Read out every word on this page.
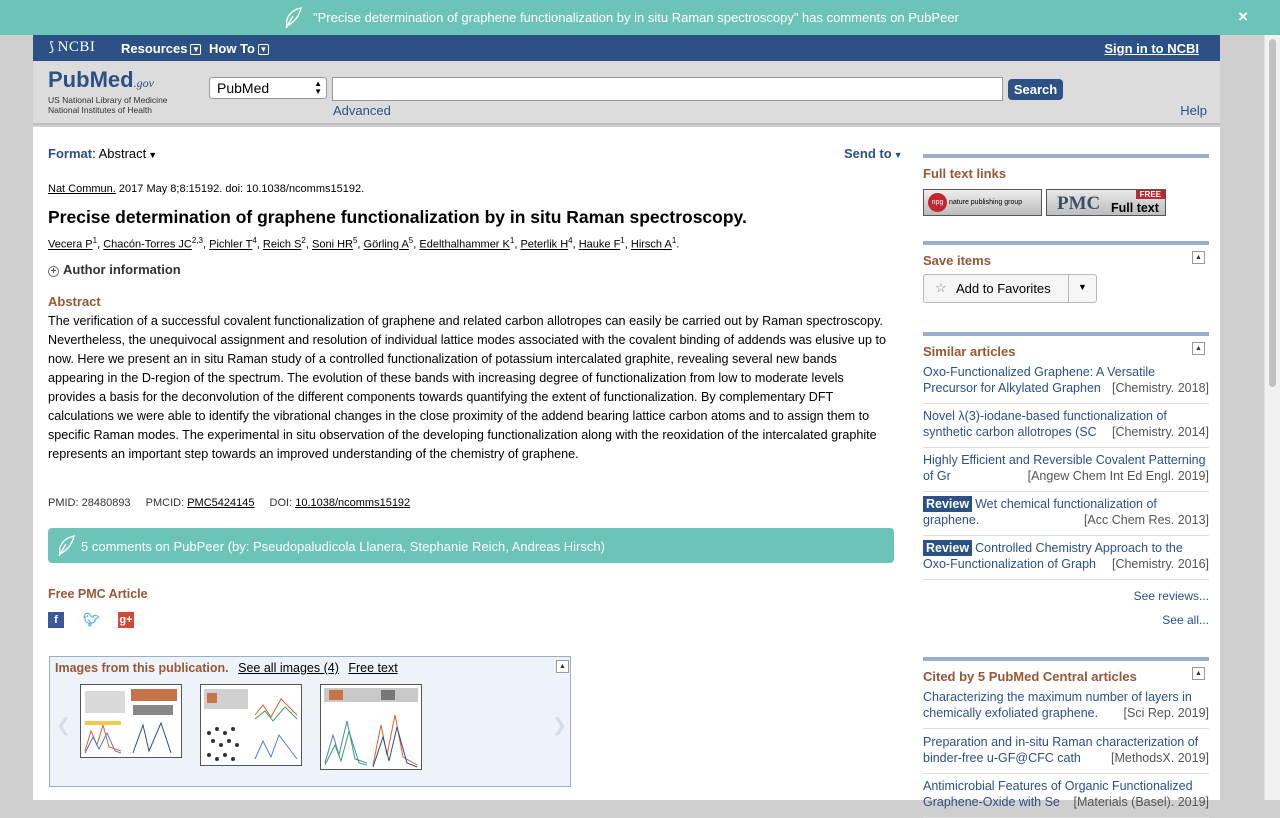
"Precise determination of graphene functionalization by in situ Raman spectroscopy" has comments on PubPeer	×
⟆ NCBI Resources ▼ How To ▼	Sign in to NCBI
PubMed.gov
US National Library of Medicine
National Institutes of Health
PubMed	▲
▼	Search
Advanced	Help
Format: Abstract ▼	Send to ▼
Nat Commun. 2017 May 8;8:15192. doi: 10.1038/ncomms15192.
Precise determination of graphene functionalization by in situ Raman spectroscopy.
Vecera $P^1$, Chacón-Torres JC$^{2,3}$, Pichler $T^4$, Reich $S^2$, Soni $HR^5$, Görling $A^5$, Edelthalhammer $K^1$, Peterlik $H^4$, Hauke $F^1$, Hirsch $A^1$.
+ Author information
Abstract

The verification of a successful covalent functionalization of graphene and related carbon allotropes can easily be carried out by Raman spectroscopy. Nevertheless, the unequivocal assignment and resolution of individual lattice modes associated with the covalent binding of addends was elusive up to now. Here we present an in situ Raman study of a controlled functionalization of potassium intercalated graphite, revealing several new bands appearing in the D-region of the spectrum. The evolution of these bands with increasing degree of functionalization from low to moderate levels provides a basis for the deconvolution of the different components towards quantifying the extent of functionalization. By complementary DFT calculations we were able to identify the vibrational changes in the close proximity of the addend bearing lattice carbon atoms and to assign them to specific Raman modes. The experimental in situ observation of the developing functionalization along with the reoxidation of the intercalated graphite represents an important step towards an improved understanding of the chemistry of graphene.

PMID: 28480893 PMCID: PMC5424145 DOI: 10.1038/ncomms15192
5 comments on PubPeer (by: Pseudopaludicola Llanera, Stephanie Reich, Andreas Hirsch)
Free PMC Article
f	🐦︎ g+
Images from this publication. See all images (4) Free text	▲
❮	❯
Full text links
npg nature publishing group	PMC	FREE
Full text
Save items	▲
☆ Add to Favorites	▼
Similar articles	▲
Oxo-Functionalized Graphene: A Versatile Precursor for Alkylated Graphen [Chemistry. 2018]
Novel λ(3)-iodane-based functionalization of synthetic carbon allotropes (SC [Chemistry. 2014]
Highly Efficient and Reversible Covalent Patterning of Gr	[Angew Chem Int Ed Engl. 2019]
Review Wet chemical functionalization of graphene.	[Acc Chem Res. 2013]
Review Controlled Chemistry Approach to the Oxo-Functionalization of Graph [Chemistry. 2016]
See reviews...
See all...
Cited by 5 PubMed Central articles	▲
Characterizing the maximum number of layers in chemically exfoliated graphene. [Sci Rep. 2019]
Preparation and in-situ Raman characterization of binder-free u-GF@CFC cath [MethodsX. 2019]
Antimicrobial Features of Organic Functionalized Graphene-Oxide with Se [Materials (Basel). 2019]
